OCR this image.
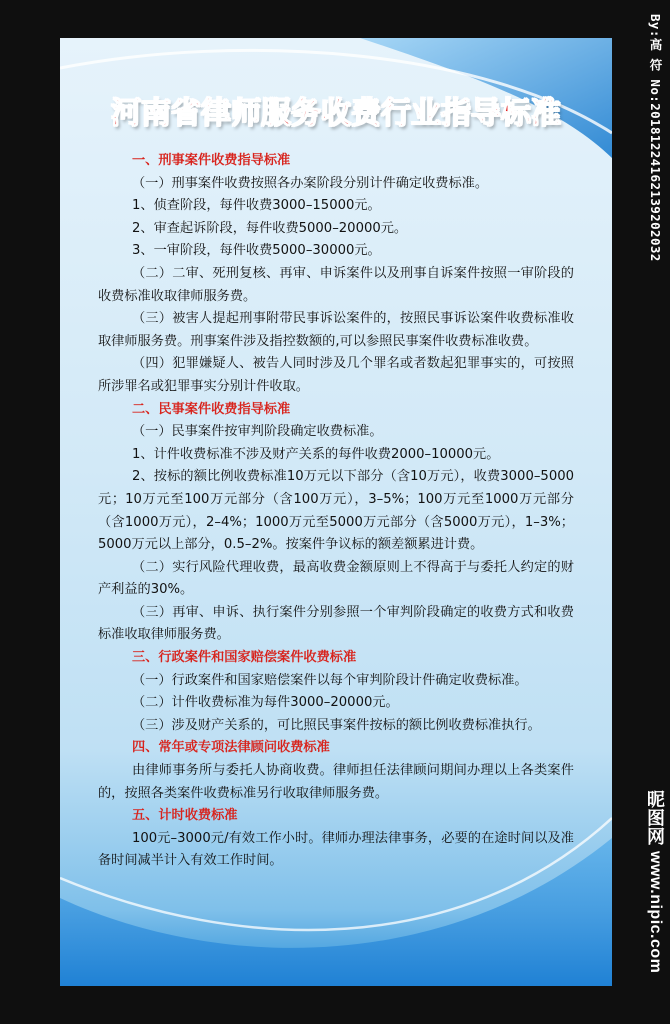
河南省律师服务收费行业指导标准

一、刑事案件收费指导标准

（一）刑事案件收费按照各办案阶段分别计件确定收费标准。

1、侦查阶段，每件收费3000–15000元。

2、审查起诉阶段，每件收费5000–20000元。

3、一审阶段，每件收费5000–30000元。

（二）二审、死刑复核、再审、申诉案件以及刑事自诉案件按照一审阶段的收费标准收取律师服务费。

（三）被害人提起刑事附带民事诉讼案件的，按照民事诉讼案件收费标准收取律师服务费。刑事案件涉及指控数额的,可以参照民事案件收费标准收费。

（四）犯罪嫌疑人、被告人同时涉及几个罪名或者数起犯罪事实的，可按照所涉罪名或犯罪事实分别计件收取。

二、民事案件收费指导标准

（一）民事案件按审判阶段确定收费标准。

1、计件收费标准不涉及财产关系的每件收费2000–10000元。

2、按标的额比例收费标准10万元以下部分（含10万元），收费3000–5000元；10万元至100万元部分（含100万元），3–5%；100万元至1000万元部分（含1000万元），2–4%；1000万元至5000万元部分（含5000万元），1–3%；5000万元以上部分，0.5–2%。按案件争议标的额差额累进计费。

（二）实行风险代理收费，最高收费金额原则上不得高于与委托人约定的财产利益的30%。

（三）再审、申诉、执行案件分别参照一个审判阶段确定的收费方式和收费标准收取律师服务费。

三、行政案件和国家赔偿案件收费标准

（一）行政案件和国家赔偿案件以每个审判阶段计件确定收费标准。

（二）计件收费标准为每件3000–20000元。

（三）涉及财产关系的，可比照民事案件按标的额比例收费标准执行。

四、常年或专项法律顾问收费标准

由律师事务所与委托人协商收费。律师担任法律顾问期间办理以上各类案件的，按照各类案件收费标准另行收取律师服务费。

五、计时收费标准

100元–3000元/有效工作小时。律师办理法律事务，必要的在途时间以及准备时间减半计入有效工作时间。

By:高 符 No:20181224162139202032
昵图网 www.nipic.com
